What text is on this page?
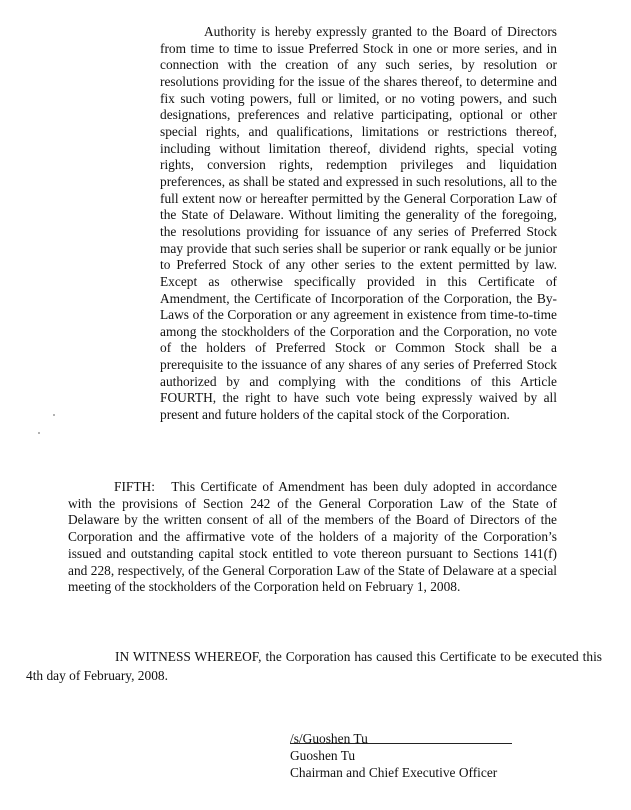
Authority is hereby expressly granted to the Board of Directors from time to time to issue Preferred Stock in one or more series, and in connection with the creation of any such series, by resolution or resolutions providing for the issue of the shares thereof, to determine and fix such voting powers, full or limited, or no voting powers, and such designations, preferences and relative participating, optional or other special rights, and qualifications, limitations or restrictions thereof, including without limitation thereof, dividend rights, special voting rights, conversion rights, redemption privileges and liquidation preferences, as shall be stated and expressed in such resolutions, all to the full extent now or hereafter permitted by the General Corporation Law of the State of Delaware. Without limiting the generality of the foregoing, the resolutions providing for issuance of any series of Preferred Stock may provide that such series shall be superior or rank equally or be junior to Preferred Stock of any other series to the extent permitted by law. Except as otherwise specifically provided in this Certificate of Amendment, the Certificate of Incorporation of the Corporation, the By-Laws of the Corporation or any agreement in existence from time-to-time among the stockholders of the Corporation and the Corporation, no vote of the holders of Preferred Stock or Common Stock shall be a prerequisite to the issuance of any shares of any series of Preferred Stock authorized by and complying with the conditions of this Article FOURTH, the right to have such vote being expressly waived by all present and future holders of the capital stock of the Corporation.

FIFTH: This Certificate of Amendment has been duly adopted in accordance with the provisions of Section 242 of the General Corporation Law of the State of Delaware by the written consent of all of the members of the Board of Directors of the Corporation and the affirmative vote of the holders of a majority of the Corporation’s issued and outstanding capital stock entitled to vote thereon pursuant to Sections 141(f) and 228, respectively, of the General Corporation Law of the State of Delaware at a special meeting of the stockholders of the Corporation held on February 1, 2008.

IN WITNESS WHEREOF, the Corporation has caused this Certificate to be executed this 4th day of February, 2008.

/s/Guoshen Tu
Guoshen Tu
Chairman and Chief Executive Officer
